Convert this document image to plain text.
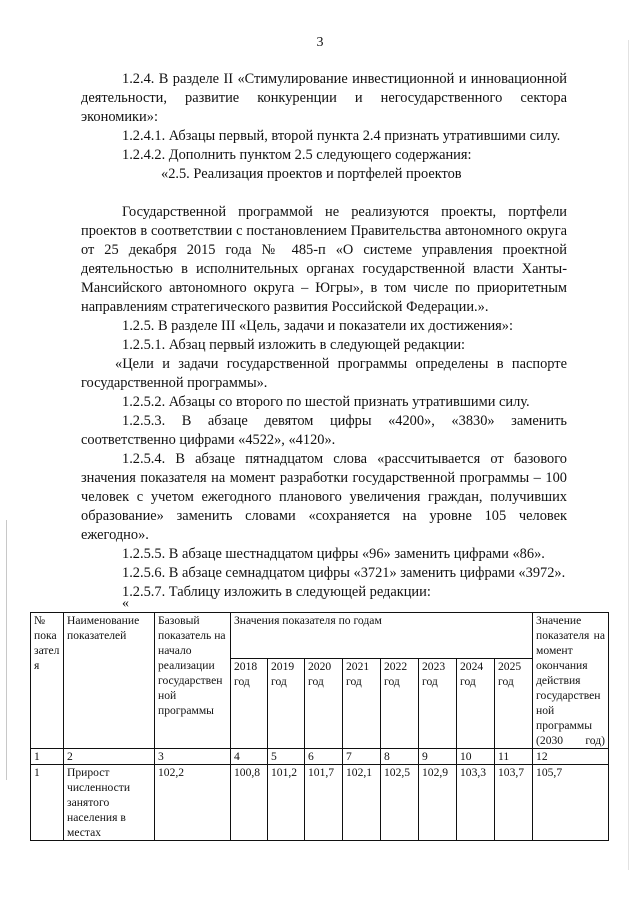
3

1.2.4. В разделе II «Стимулирование инвестиционной и инновационной деятельности, развитие конкуренции и негосударственного сектора экономики»:

1.2.4.1. Абзацы первый, второй пункта 2.4 признать утратившими силу.

1.2.4.2. Дополнить пунктом 2.5 следующего содержания:

«2.5. Реализация проектов и портфелей проектов

Государственной программой не реализуются проекты, портфели проектов в соответствии с постановлением Правительства автономного округа от 25 декабря 2015 года № 485-п «О системе управления проектной деятельностью в исполнительных органах государственной власти Ханты-Мансийского автономного округа – Югры», в том числе по приоритетным направлениям стратегического развития Российской Федерации.».

1.2.5. В разделе III «Цель, задачи и показатели их достижения»:

1.2.5.1. Абзац первый изложить в следующей редакции:

«Цели и задачи государственной программы определены в паспорте государственной программы».

1.2.5.2. Абзацы со второго по шестой признать утратившими силу.

1.2.5.3. В абзаце девятом цифры «4200», «3830» заменить соответственно цифрами «4522», «4120».

1.2.5.4. В абзаце пятнадцатом слова «рассчитывается от базового значения показателя на момент разработки государственной программы – 100 человек с учетом ежегодного планового увеличения граждан, получивших образование» заменить словами «сохраняется на уровне 105 человек ежегодно».

1.2.5.5. В абзаце шестнадцатом цифры «96» заменить цифрами «86».

1.2.5.6. В абзаце семнадцатом цифры «3721» заменить цифрами «3972».

1.2.5.7. Таблицу изложить в следующей редакции:

«
№ показателя	Наименование показателей	Базовый показатель на начало реализации государственной программы	Значения показателя по годам								Значение показателя на момент окончания действия государственной программы (2030 год)
			2018 год	2019 год	2020 год	2021 год	2022 год	2023 год	2024 год	2025 год	
1	2	3	4	5	6	7	8	9	10	11	12
1	Прирост численности занятого населения в местах	102,2	100,8	101,2	101,7	102,1	102,5	102,9	103,3	103,7	105,7
